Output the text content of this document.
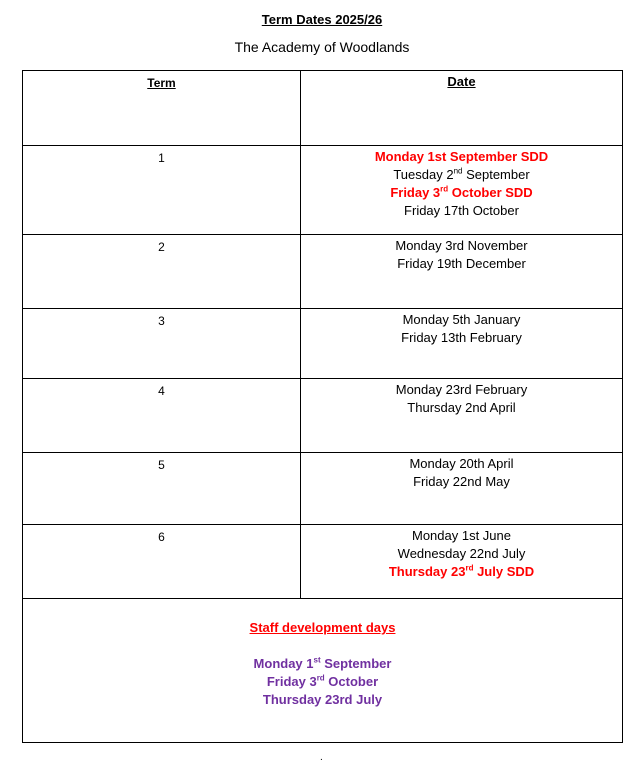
Term Dates 2025/26
The Academy of Woodlands
Term	Date
1	Monday 1st September SDD
Tuesday 2nd September
Friday 3rd October SDD
Friday 17th October

2	Monday 3rd November
Friday 19th December

3	Monday 5th January
Friday 13th February

4	Monday 23rd February
Thursday 2nd April

5	Monday 20th April
Friday 22nd May

6	Monday 1st June
Wednesday 22nd July
Thursday 23rd July SDD

Staff development days
Monday 1st September
Friday 3rd October
Thursday 23rd July	
.
